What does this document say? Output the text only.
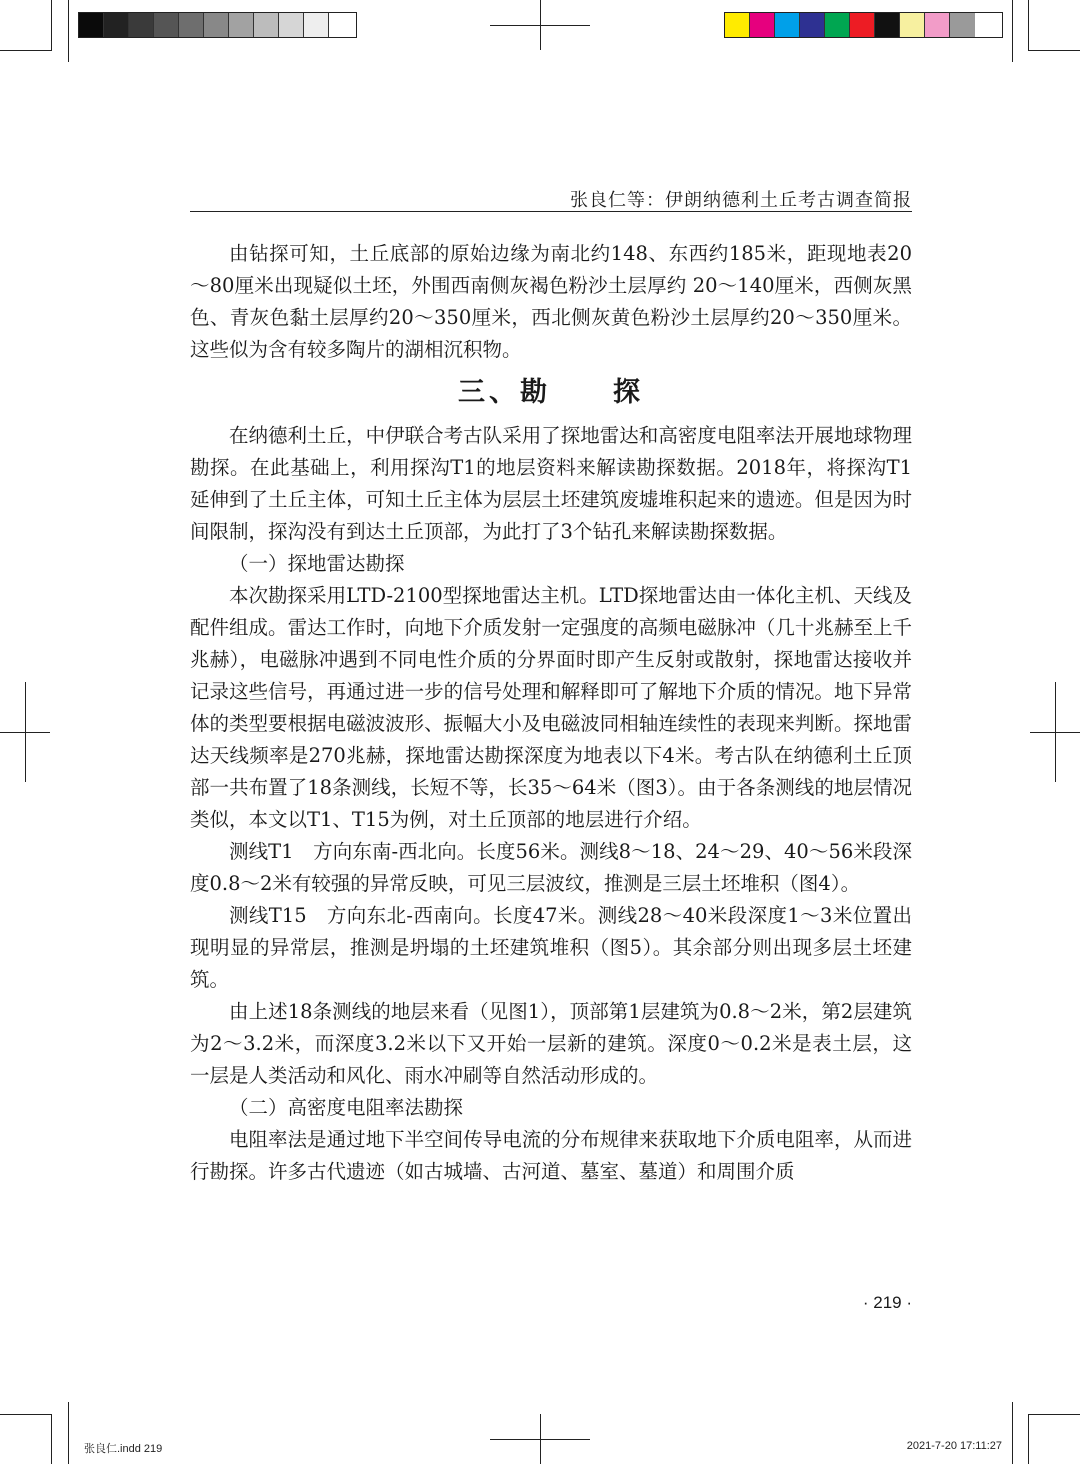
张良仁等：伊朗纳德利土丘考古调查简报

由钻探可知，土丘底部的原始边缘为南北约148、东西约185米，距现地表20～80厘米出现疑似土坯，外围西南侧灰褐色粉沙土层厚约 20～140厘米，西侧灰黑色、青灰色黏土层厚约20～350厘米，西北侧灰黄色粉沙土层厚约20～350厘米。这些似为含有较多陶片的湖相沉积物。

三、勘　　探

在纳德利土丘，中伊联合考古队采用了探地雷达和高密度电阻率法开展地球物理勘探。在此基础上，利用探沟T1的地层资料来解读勘探数据。2018年，将探沟T1延伸到了土丘主体，可知土丘主体为层层土坯建筑废墟堆积起来的遗迹。但是因为时间限制，探沟没有到达土丘顶部，为此打了3个钻孔来解读勘探数据。

（一）探地雷达勘探

本次勘探采用LTD-2100型探地雷达主机。LTD探地雷达由一体化主机、天线及配件组成。雷达工作时，向地下介质发射一定强度的高频电磁脉冲（几十兆赫至上千兆赫），电磁脉冲遇到不同电性介质的分界面时即产生反射或散射，探地雷达接收并记录这些信号，再通过进一步的信号处理和解释即可了解地下介质的情况。地下异常体的类型要根据电磁波波形、振幅大小及电磁波同相轴连续性的表现来判断。探地雷达天线频率是270兆赫，探地雷达勘探深度为地表以下4米。考古队在纳德利土丘顶部一共布置了18条测线，长短不等，长35～64米（图3）。由于各条测线的地层情况类似，本文以T1、T15为例，对土丘顶部的地层进行介绍。

测线T1　方向东南-西北向。长度56米。测线8～18、24～29、40～56米段深度0.8～2米有较强的异常反映，可见三层波纹，推测是三层土坯堆积（图4）。

测线T15　方向东北-西南向。长度47米。测线28～40米段深度1～3米位置出现明显的异常层，推测是坍塌的土坯建筑堆积（图5）。其余部分则出现多层土坯建筑。

由上述18条测线的地层来看（见图1），顶部第1层建筑为0.8～2米，第2层建筑为2～3.2米，而深度3.2米以下又开始一层新的建筑。深度0～0.2米是表土层，这一层是人类活动和风化、雨水冲刷等自然活动形成的。

（二）高密度电阻率法勘探

电阻率法是通过地下半空间传导电流的分布规律来获取地下介质电阻率，从而进行勘探。许多古代遗迹（如古城墙、古河道、墓室、墓道）和周围介质

· 219 ·
张良仁.indd 219	2021-7-20 17:11:27
